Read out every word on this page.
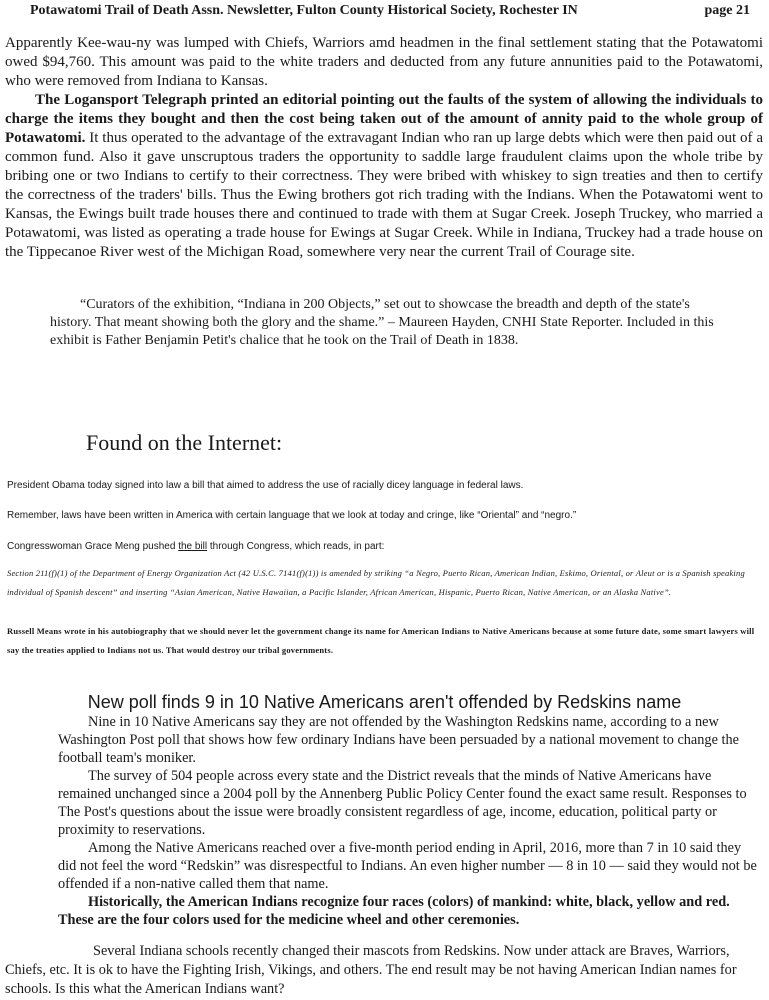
Potawatomi Trail of Death Assn. Newsletter, Fulton County Historical Society, Rochester IN	page 21

Apparently Kee-wau-ny was lumped with Chiefs, Warriors amd headmen in the final settlement stating that the Potawatomi owed $94,760. This amount was paid to the white traders and deducted from any future annunities paid to the Potawatomi, who were removed from Indiana to Kansas.

The Logansport Telegraph printed an editorial pointing out the faults of the system of allowing the individuals to charge the items they bought and then the cost being taken out of the amount of annity paid to the whole group of Potawatomi. It thus operated to the advantage of the extravagant Indian who ran up large debts which were then paid out of a common fund. Also it gave unscruptous traders the opportunity to saddle large fraudulent claims upon the whole tribe by bribing one or two Indians to certify to their correctness. They were bribed with whiskey to sign treaties and then to certify the correctness of the traders' bills. Thus the Ewing brothers got rich trading with the Indians. When the Potawatomi went to Kansas, the Ewings built trade houses there and continued to trade with them at Sugar Creek. Joseph Truckey, who married a Potawatomi, was listed as operating a trade house for Ewings at Sugar Creek. While in Indiana, Truckey had a trade house on the Tippecanoe River west of the Michigan Road, somewhere very near the current Trail of Courage site.

“Curators of the exhibition, “Indiana in 200 Objects,” set out to showcase the breadth and depth of the state's history. That meant showing both the glory and the shame.” – Maureen Hayden, CNHI State Reporter. Included in this exhibit is Father Benjamin Petit's chalice that he took on the Trail of Death in 1838.

Found on the Internet:
President Obama today signed into law a bill that aimed to address the use of racially dicey language in federal laws.
Remember, laws have been written in America with certain language that we look at today and cringe, like “Oriental” and “negro.”
Congresswoman Grace Meng pushed the bill through Congress, which reads, in part:
Section 211(f)(1) of the Department of Energy Organization Act (42 U.S.C. 7141(f)(1)) is amended by striking “a Negro, Puerto Rican, American Indian, Eskimo, Oriental, or Aleut or is a Spanish speaking individual of Spanish descent” and inserting “Asian American, Native Hawaiian, a Pacific Islander, African American, Hispanic, Puerto Rican, Native American, or an Alaska Native”.
Russell Means wrote in his autobiography that we should never let the government change its name for American Indians to Native Americans because at some future date, some smart lawyers will say the treaties applied to Indians not us. That would destroy our tribal governments.
New poll finds 9 in 10 Native Americans aren't offended by Redskins name

Nine in 10 Native Americans say they are not offended by the Washington Redskins name, according to a new Washington Post poll that shows how few ordinary Indians have been persuaded by a national movement to change the football team's moniker.

The survey of 504 people across every state and the District reveals that the minds of Native Americans have remained unchanged since a 2004 poll by the Annenberg Public Policy Center found the exact same result. Responses to The Post's questions about the issue were broadly consistent regardless of age, income, education, political party or proximity to reservations.

Among the Native Americans reached over a five-month period ending in April, 2016, more than 7 in 10 said they did not feel the word “Redskin” was disrespectful to Indians. An even higher number — 8 in 10 — said they would not be offended if a non-native called them that name.

Historically, the American Indians recognize four races (colors) of mankind: white, black, yellow and red. These are the four colors used for the medicine wheel and other ceremonies.

Several Indiana schools recently changed their mascots from Redskins. Now under attack are Braves, Warriors, Chiefs, etc. It is ok to have the Fighting Irish, Vikings, and others. The end result may be not having American Indian names for schools. Is this what the American Indians want?
